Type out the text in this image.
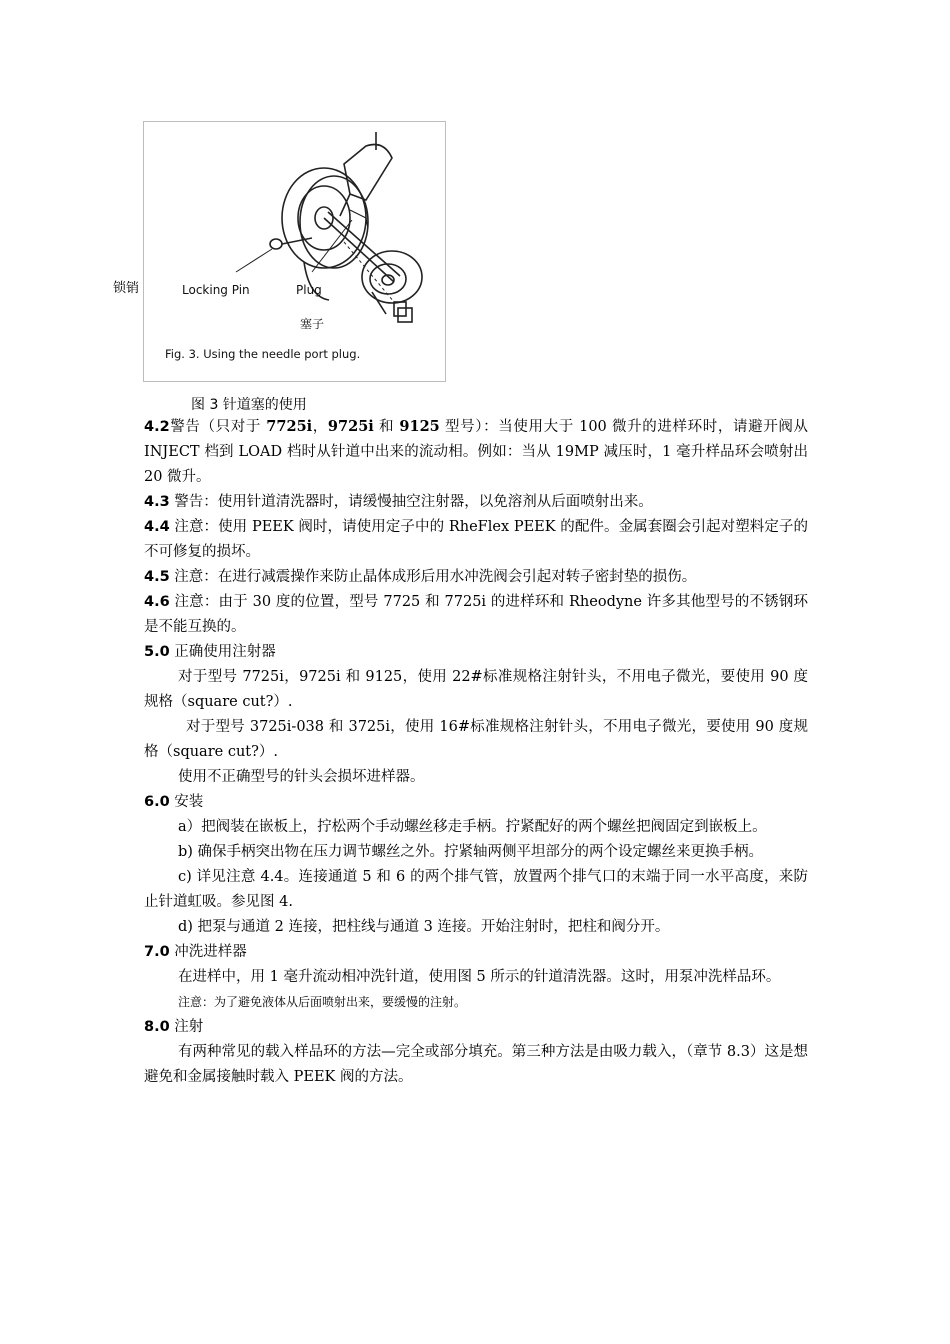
锁销	Locking Pin	Plug
塞子
Fig. 3. Using the needle port plug.
图 3 针道塞的使用

4.2警告（只对于 7725i，9725i 和 9125 型号）：当使用大于 100 微升的进样环时，请避开阀从 INJECT 档到 LOAD 档时从针道中出来的流动相。例如：当从 19MP 减压时，1 毫升样品环会喷射出 20 微升。

4.3 警告：使用针道清洗器时，请缓慢抽空注射器，以免溶剂从后面喷射出来。

4.4 注意：使用 PEEK 阀时，请使用定子中的 RheFlex PEEK 的配件。金属套圈会引起对塑料定子的不可修复的损坏。

4.5 注意：在进行减震操作来防止晶体成形后用水冲洗阀会引起对转子密封垫的损伤。

4.6 注意：由于 30 度的位置，型号 7725 和 7725i 的进样环和 Rheodyne 许多其他型号的不锈钢环是不能互换的。

5.0 正确使用注射器

对于型号 7725i，9725i 和 9125，使用 22#标准规格注射针头，不用电子微光，要使用 90 度规格（square cut?）.

对于型号 3725i-038 和 3725i，使用 16#标准规格注射针头，不用电子微光，要使用 90 度规格（square cut?）.

使用不正确型号的针头会损坏进样器。

6.0 安装

a）把阀装在嵌板上，拧松两个手动螺丝移走手柄。拧紧配好的两个螺丝把阀固定到嵌板上。

b) 确保手柄突出物在压力调节螺丝之外。拧紧轴两侧平坦部分的两个设定螺丝来更换手柄。

c) 详见注意 4.4。连接通道 5 和 6 的两个排气管，放置两个排气口的末端于同一水平高度，来防止针道虹吸。参见图 4.

d) 把泵与通道 2 连接，把柱线与通道 3 连接。开始注射时，把柱和阀分开。

7.0 冲洗进样器

在进样中，用 1 毫升流动相冲洗针道，使用图 5 所示的针道清洗器。这时，用泵冲洗样品环。

注意：为了避免液体从后面喷射出来，要缓慢的注射。

8.0 注射

有两种常见的载入样品环的方法—完全或部分填充。第三种方法是由吸力载入，（章节 8.3）这是想避免和金属接触时载入 PEEK 阀的方法。
